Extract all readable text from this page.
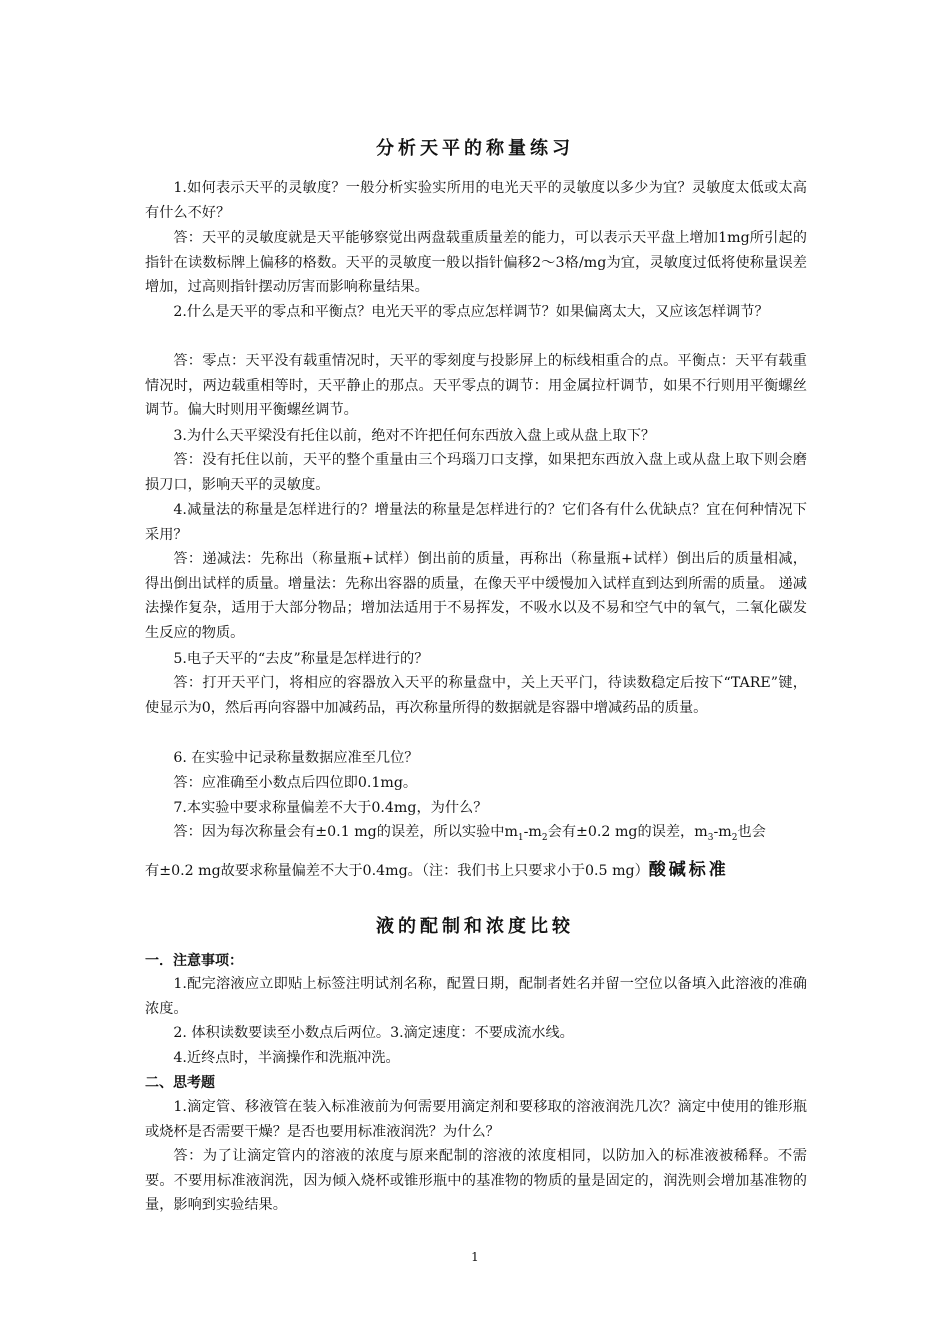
分析天平的称量练习

1.如何表示天平的灵敏度？一般分析实验实所用的电光天平的灵敏度以多少为宜？灵敏度太低或太高有什么不好？

答：天平的灵敏度就是天平能够察觉出两盘载重质量差的能力，可以表示天平盘上增加1mg所引起的指针在读数标牌上偏移的格数。天平的灵敏度一般以指针偏移2～3格/mg为宜，灵敏度过低将使称量误差增加，过高则指针摆动厉害而影响称量结果。

2.什么是天平的零点和平衡点？电光天平的零点应怎样调节？如果偏离太大，又应该怎样调节？

答：零点：天平没有载重情况时，天平的零刻度与投影屏上的标线相重合的点。平衡点：天平有载重情况时，两边载重相等时，天平静止的那点。天平零点的调节：用金属拉杆调节，如果不行则用平衡螺丝调节。偏大时则用平衡螺丝调节。

3.为什么天平梁没有托住以前，绝对不许把任何东西放入盘上或从盘上取下？

答：没有托住以前，天平的整个重量由三个玛瑙刀口支撑，如果把东西放入盘上或从盘上取下则会磨损刀口，影响天平的灵敏度。

4.减量法的称量是怎样进行的？增量法的称量是怎样进行的？它们各有什么优缺点？宜在何种情况下采用？

答：递减法：先称出（称量瓶+试样）倒出前的质量，再称出（称量瓶+试样）倒出后的质量相减，得出倒出试样的质量。增量法：先称出容器的质量，在像天平中缓慢加入试样直到达到所需的质量。 递减法操作复杂，适用于大部分物品；增加法适用于不易挥发，不吸水以及不易和空气中的氧气，二氧化碳发生反应的物质。

5.电子天平的“去皮”称量是怎样进行的？

答：打开天平门，将相应的容器放入天平的称量盘中，关上天平门，待读数稳定后按下“TARE”键，使显示为0，然后再向容器中加减药品，再次称量所得的数据就是容器中增减药品的质量。

6. 在实验中记录称量数据应准至几位？

答：应准确至小数点后四位即0.1mg。

7.本实验中要求称量偏差不大于0.4mg，为什么？

答：因为每次称量会有±0.1 mg的误差，所以实验中$m_1-m_2$会有±0.2 mg的误差，$m_3-m_2$也会

有±0.2 mg故要求称量偏差不大于0.4mg。（注：我们书上只要求小于0.5 mg）酸碱标准

液的配制和浓度比较
一．注意事项：

1.配完溶液应立即贴上标签注明试剂名称，配置日期，配制者姓名并留一空位以备填入此溶液的准确浓度。

2. 体积读数要读至小数点后两位。3.滴定速度：不要成流水线。

4.近终点时，半滴操作和洗瓶冲洗。

二、思考题

1.滴定管、移液管在装入标准液前为何需要用滴定剂和要移取的溶液润洗几次？滴定中使用的锥形瓶或烧杯是否需要干燥？是否也要用标准液润洗？为什么？

答：为了让滴定管内的溶液的浓度与原来配制的溶液的浓度相同，以防加入的标准液被稀释。不需要。不要用标准液润洗，因为倾入烧杯或锥形瓶中的基准物的物质的量是固定的，润洗则会增加基准物的量，影响到实验结果。

1
